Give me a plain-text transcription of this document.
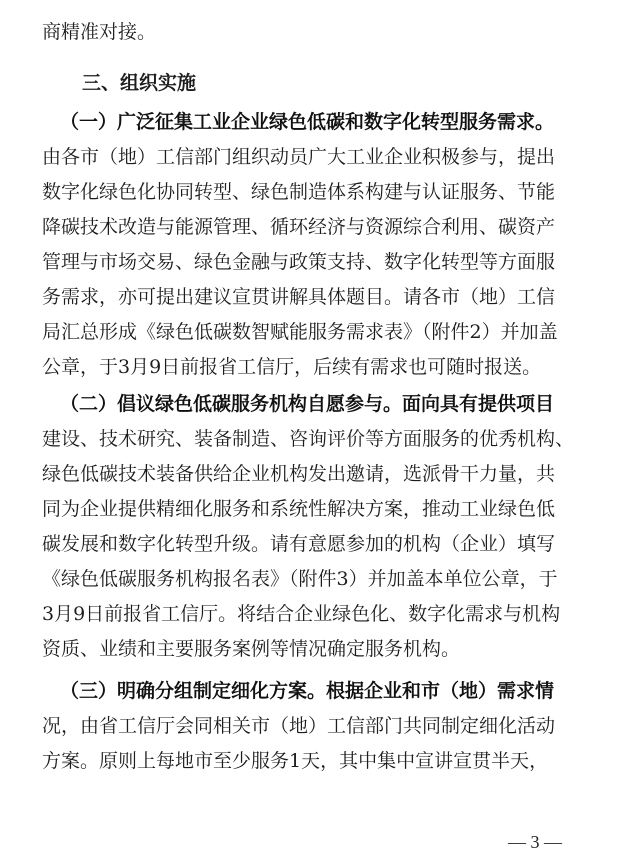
商精准对接。
三、组织实施
（一）广泛征集工业企业绿色低碳和数字化转型服务需求。
由各市（地）工信部门组织动员广大工业企业积极参与，提出
数字化绿色化协同转型、绿色制造体系构建与认证服务、节能
降碳技术改造与能源管理、循环经济与资源综合利用、碳资产
管理与市场交易、绿色金融与政策支持、数字化转型等方面服
务需求，亦可提出建议宣贯讲解具体题目。请各市（地）工信
局汇总形成《绿色低碳数智赋能服务需求表》（附件2）并加盖
公章，于3月9日前报省工信厅，后续有需求也可随时报送。
（二）倡议绿色低碳服务机构自愿参与。面向具有提供项目
建设、技术研究、装备制造、咨询评价等方面服务的优秀机构、
绿色低碳技术装备供给企业机构发出邀请，选派骨干力量，共
同为企业提供精细化服务和系统性解决方案，推动工业绿色低
碳发展和数字化转型升级。请有意愿参加的机构（企业）填写
《绿色低碳服务机构报名表》（附件3）并加盖本单位公章，于
3月9日前报省工信厅。将结合企业绿色化、数字化需求与机构
资质、业绩和主要服务案例等情况确定服务机构。
（三）明确分组制定细化方案。根据企业和市（地）需求情
况，由省工信厅会同相关市（地）工信部门共同制定细化活动
方案。原则上每地市至少服务1天，其中集中宣讲宣贯半天，
— 3 —
